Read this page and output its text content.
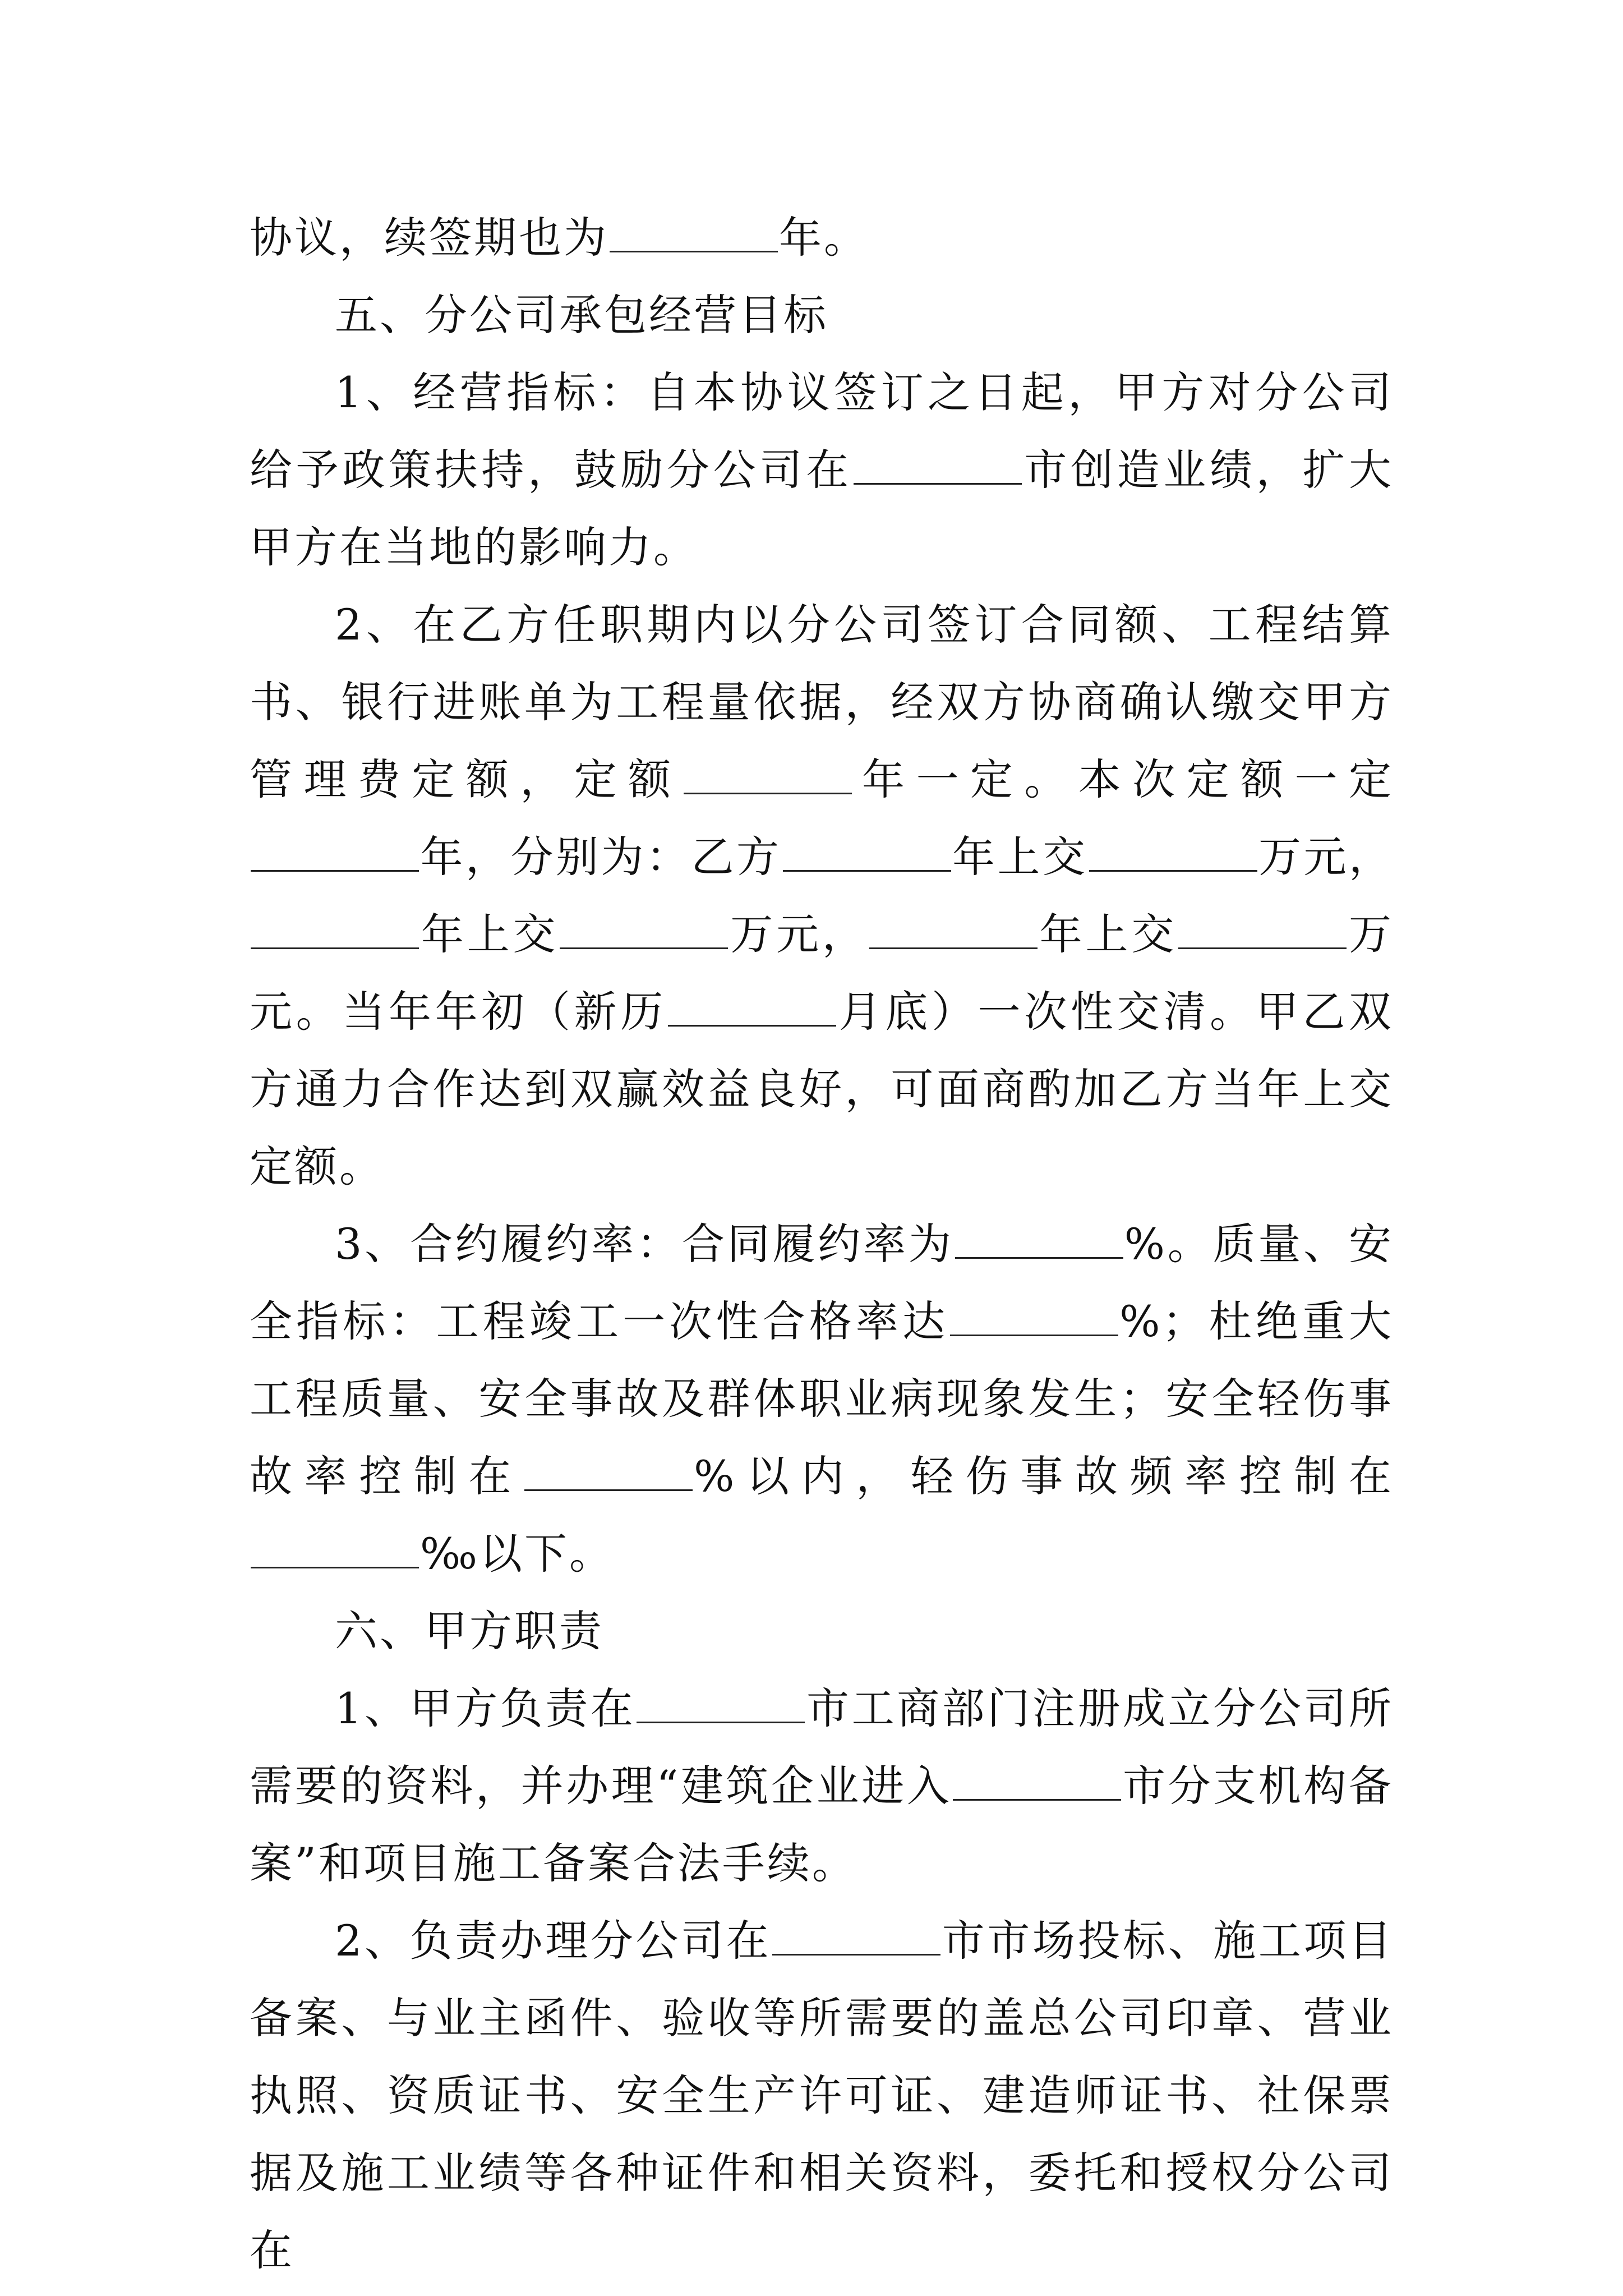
协议，续签期也为	年。

五、分公司承包经营目标

1、经营指标：自本协议签订之日起，甲方对分公司给予政策扶持，鼓励分公司在	市创造业绩，扩大甲方在当地的影响力。

2、在乙方任职期内以分公司签订合同额、工程结算书、银行进账单为工程量依据，经双方协商确认缴交甲方管理费定额，定额	年一定。本次定额一定年，分别为：乙方	年上交	万元，年上交	万元，	年上交	万元。当年年初（新历	月底）一次性交清。甲乙双方通力合作达到双赢效益良好，可面商酌加乙方当年上交定额。

3、合约履约率：合同履约率为	%。质量、安全指标：工程竣工一次性合格率达	%；杜绝重大工程质量、安全事故及群体职业病现象发生；安全轻伤事故率控制在	%以内，轻伤事故频率控制在‰以下。

六、甲方职责

1、甲方负责在	市工商部门注册成立分公司所需要的资料，并办理“建筑企业进入	市分支机构备案”和项目施工备案合法手续。

2、负责办理分公司在	市市场投标、施工项目备案、与业主函件、验收等所需要的盖总公司印章、营业执照、资质证书、安全生产许可证、建造师证书、社保票据及施工业绩等各种证件和相关资料，委托和授权分公司在
